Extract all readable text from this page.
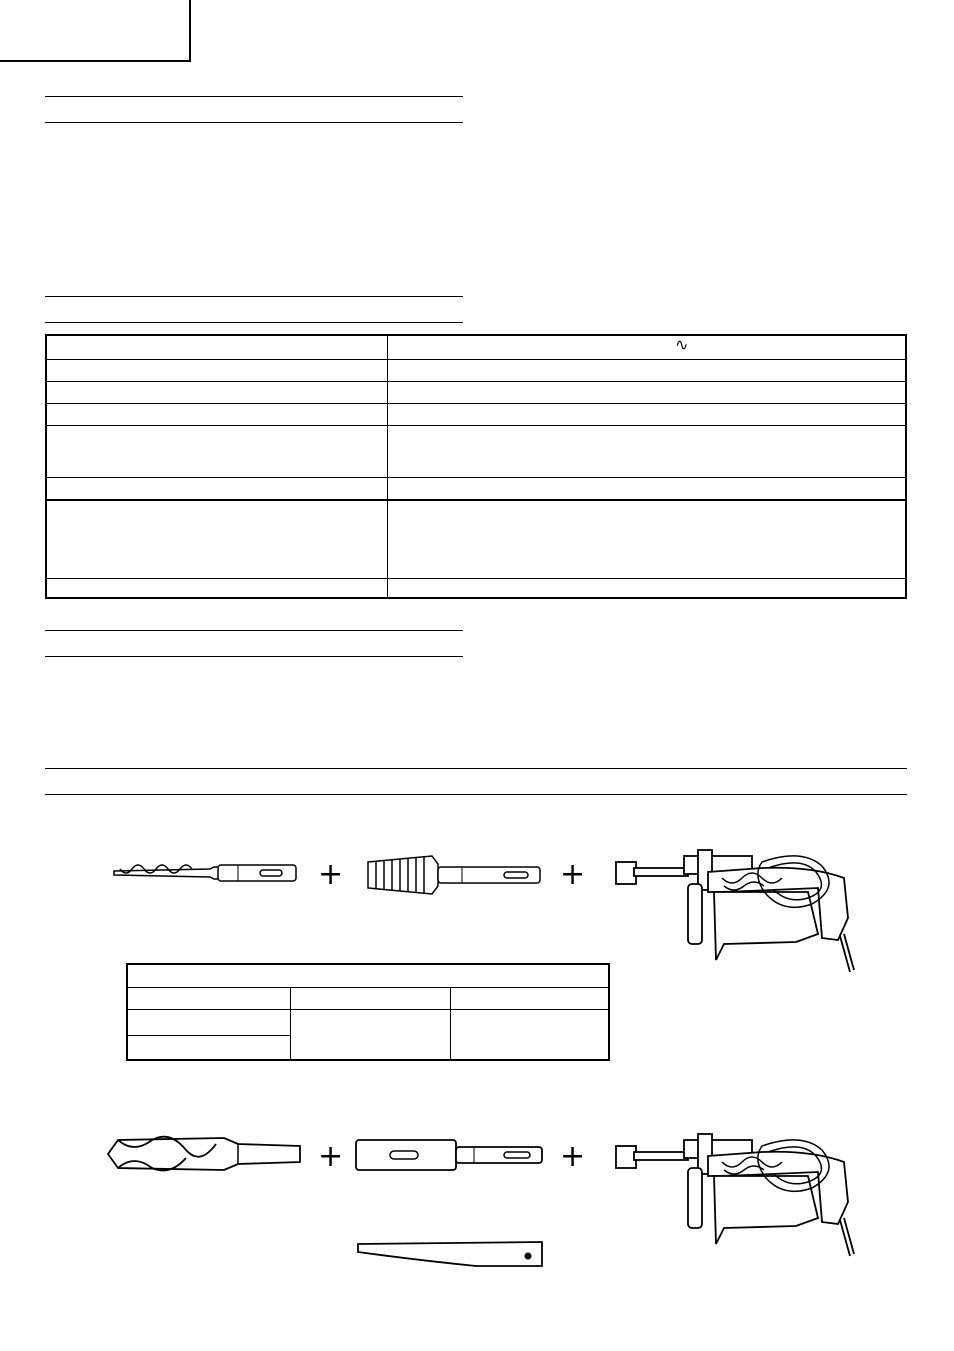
∿
+	+
+	+
